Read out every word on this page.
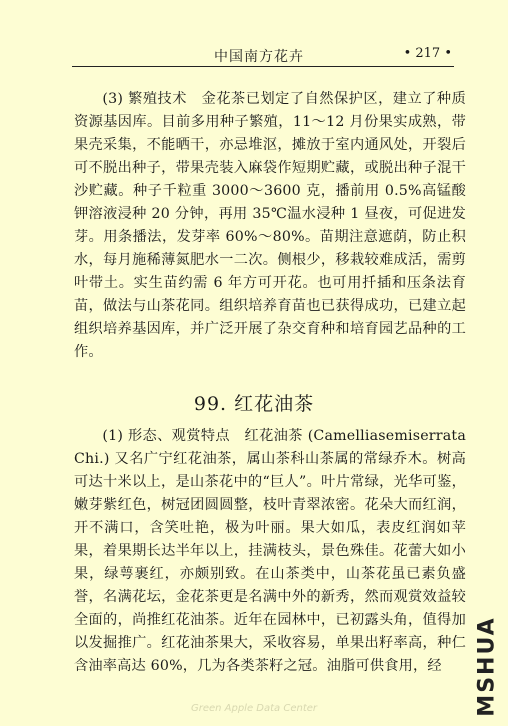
中国南方花卉	• 217 •

(3) 繁殖技术　金花茶已划定了自然保护区，建立了种质资源基因库。目前多用种子繁殖，11～12 月份果实成熟，带果壳采集，不能晒干，亦忌堆沤，摊放于室内通风处，开裂后可不脱出种子，带果壳装入麻袋作短期贮藏，或脱出种子混干沙贮藏。种子千粒重 3000～3600 克，播前用 0.5%高锰酸钾溶液浸种 20 分钟，再用 35℃温水浸种 1 昼夜，可促进发芽。用条播法，发芽率 60%～80%。苗期注意遮荫，防止积水，每月施稀薄氮肥水一二次。侧根少，移栽较难成活，需剪叶带土。实生苗约需 6 年方可开花。也可用扦插和压条法育苗，做法与山茶花同。组织培养育苗也已获得成功，已建立起组织培养基因库，并广泛开展了杂交育种和培育园艺品种的工作。

99. 红花油茶

(1) 形态、观赏特点　红花油茶 (Camelliasemiserrata Chi.) 又名广宁红花油茶，属山茶科山茶属的常绿乔木。树高可达十米以上，是山茶花中的“巨人”。叶片常绿，光华可鉴，嫩芽紫红色，树冠团圆圆整，枝叶青翠浓密。花朵大而红润，开不满口，含笑吐艳，极为叶丽。果大如瓜，表皮红润如苹果，着果期长达半年以上，挂满枝头，景色殊佳。花蕾大如小果，绿萼裹红，亦颇别致。在山茶类中，山茶花虽已素负盛誉，名满花坛，金花茶更是名满中外的新秀，然而观赏效益较全面的，尚推红花油茶。近年在园林中，已初露头角，值得加以发掘推广。红花油茶果大，采收容易，单果出籽率高，种仁含油率高达 60%，几为各类茶籽之冠。油脂可供食用，经	MSHUA
Green Apple Data Center
